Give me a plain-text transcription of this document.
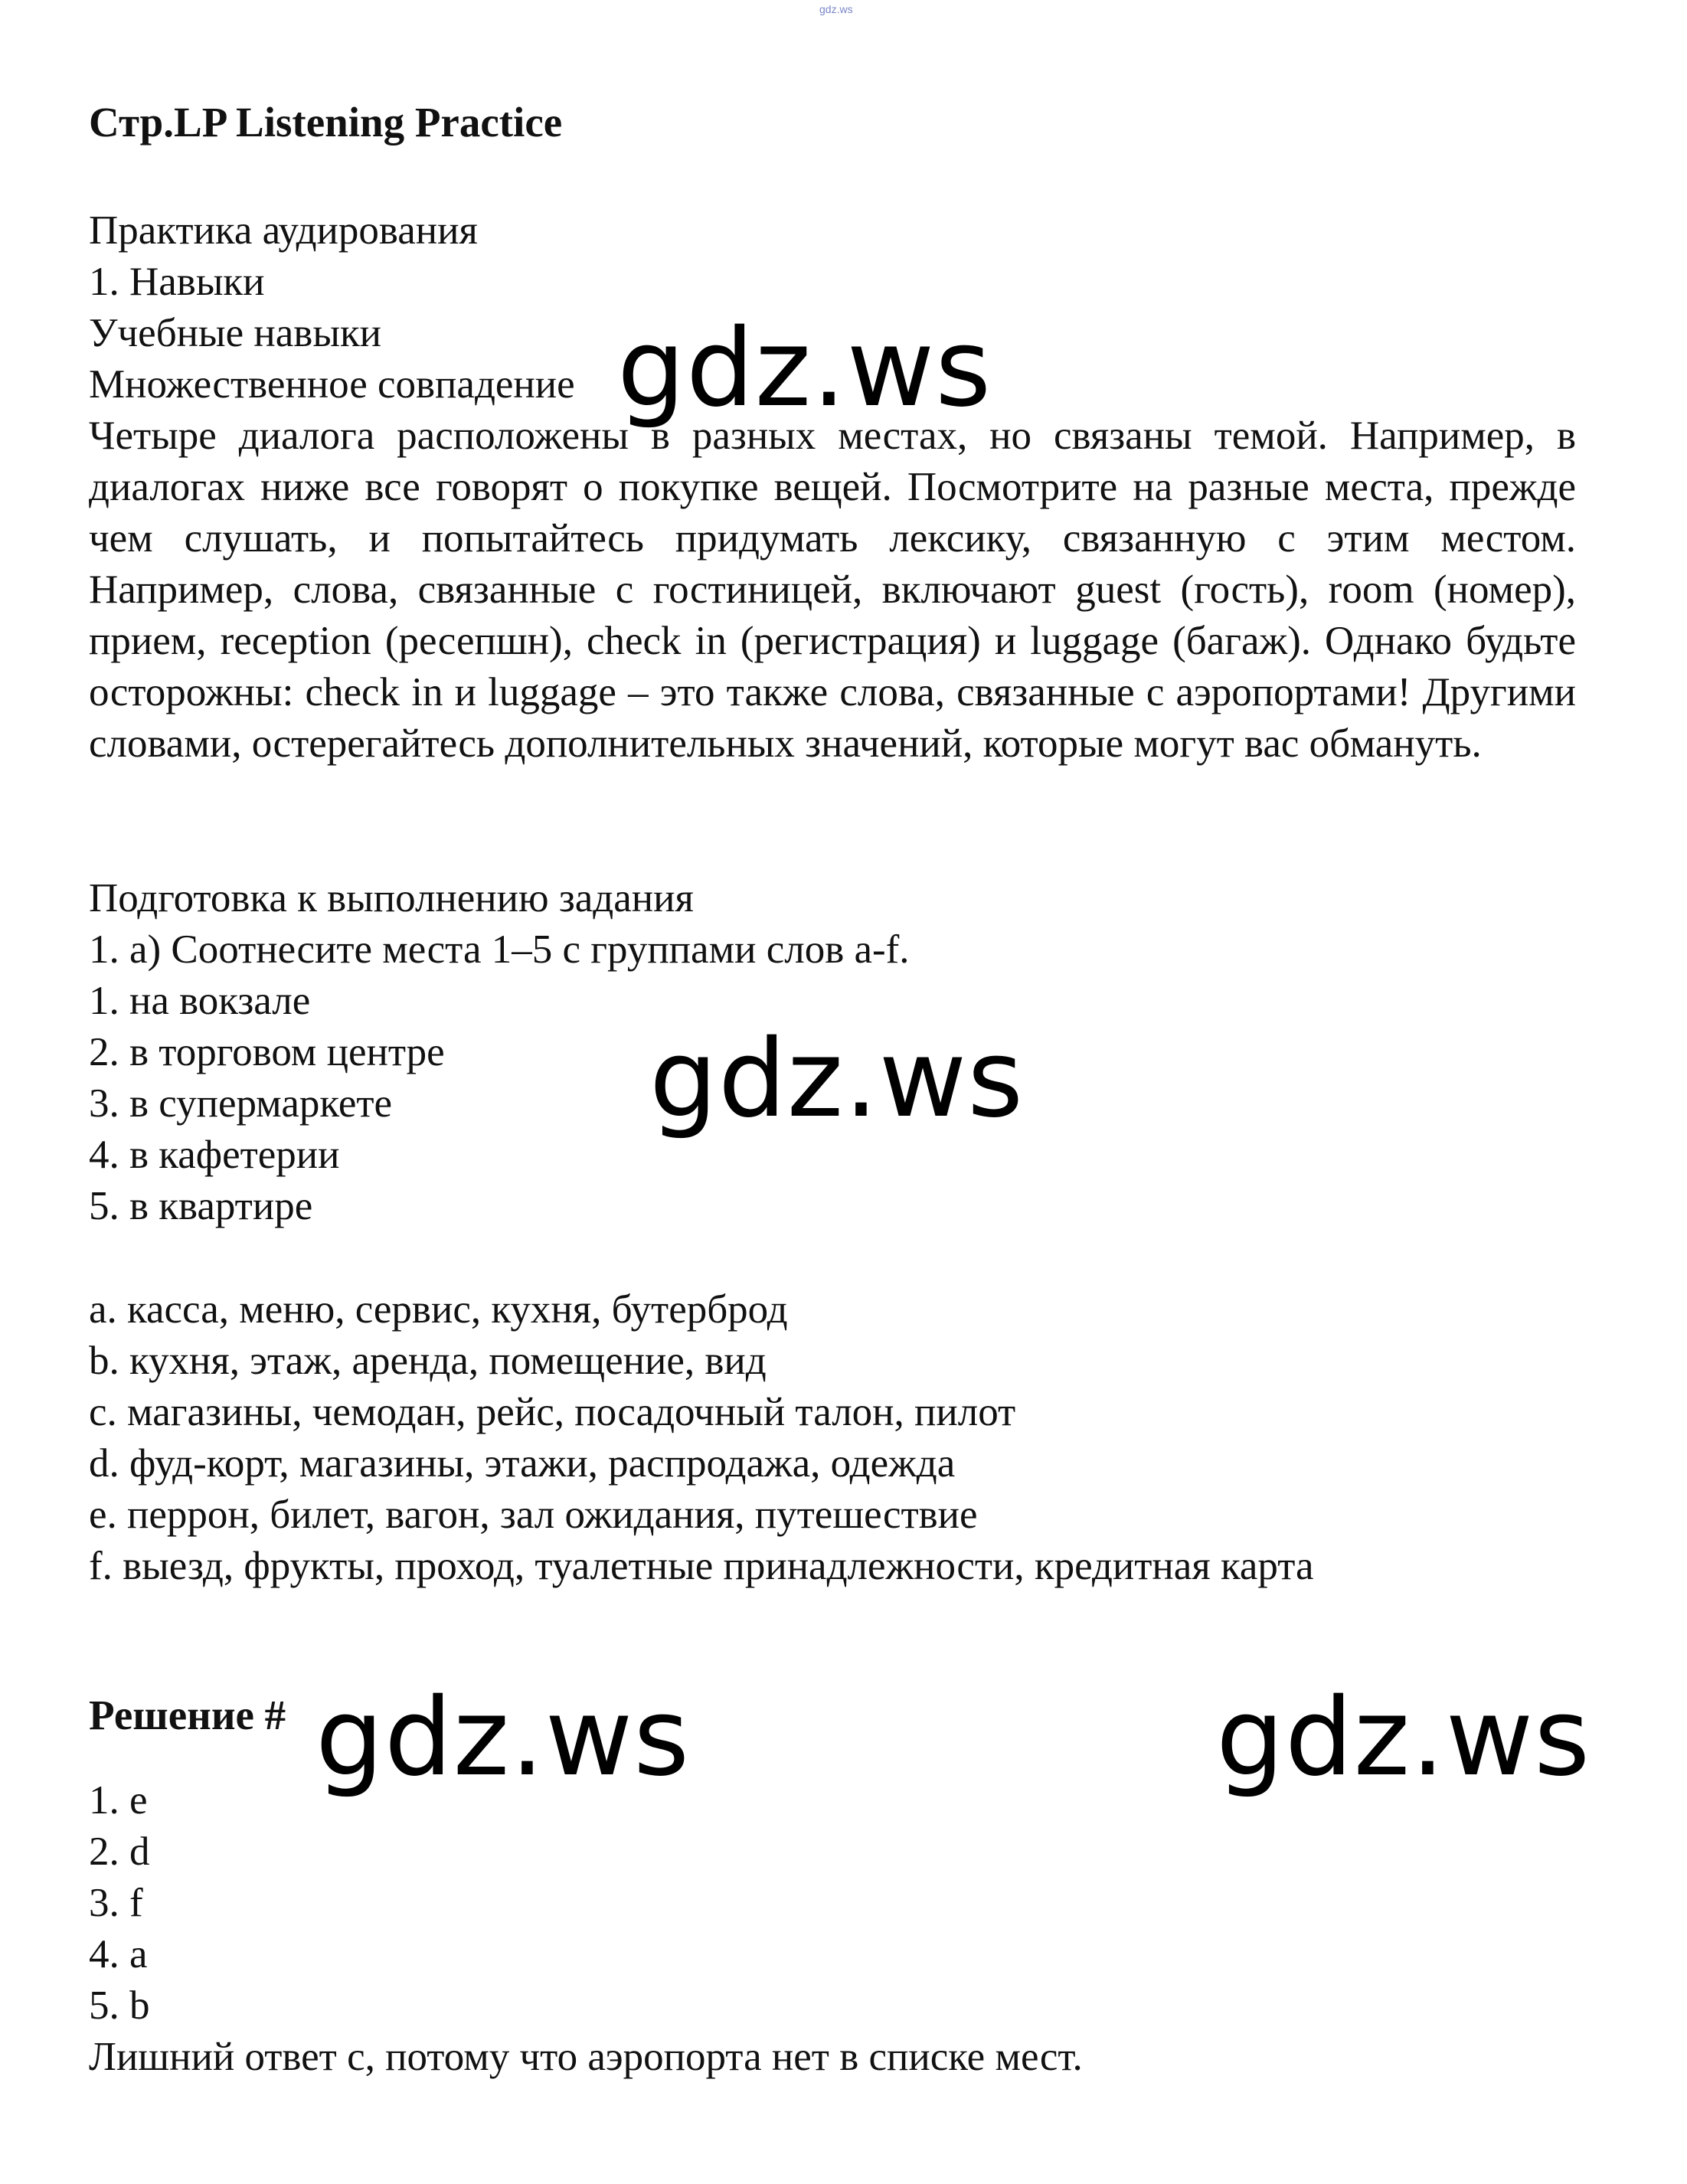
gdz.ws
Стр.LP Listening Practice
Практика аудирования
1. Навыки
Учебные навыки
Множественное совпадение
Четыре диалога расположены в разных местах, но связаны темой. Например, в диалогах ниже все говорят о покупке вещей. Посмотрите на разные места, прежде чем слушать, и попытайтесь придумать лексику, связанную с этим местом. Например, слова, связанные с гостиницей, включают guest (гость), room (номер), прием, reception (ресепшн), check in (регистрация) и luggage (багаж). Однако будьте осторожны: check in и luggage – это также слова, связанные с аэропортами! Другими словами, остерегайтесь дополнительных значений, которые могут вас обмануть.
Подготовка к выполнению задания
1. a) Соотнесите места 1–5 с группами слов a-f.
1. на вокзале
2. в торговом центре
3. в супермаркете
4. в кафетерии
5. в квартире
a. касса, меню, сервис, кухня, бутерброд
b. кухня, этаж, аренда, помещение, вид
c. магазины, чемодан, рейс, посадочный талон, пилот
d. фуд-корт, магазины, этажи, распродажа, одежда
e. перрон, билет, вагон, зал ожидания, путешествие
f. выезд, фрукты, проход, туалетные принадлежности, кредитная карта
Решение #
1. e
2. d
3. f
4. a
5. b
Лишний ответ c, потому что аэропорта нет в списке мест.
gdz.ws
gdz.ws
gdz.ws	gdz.ws
